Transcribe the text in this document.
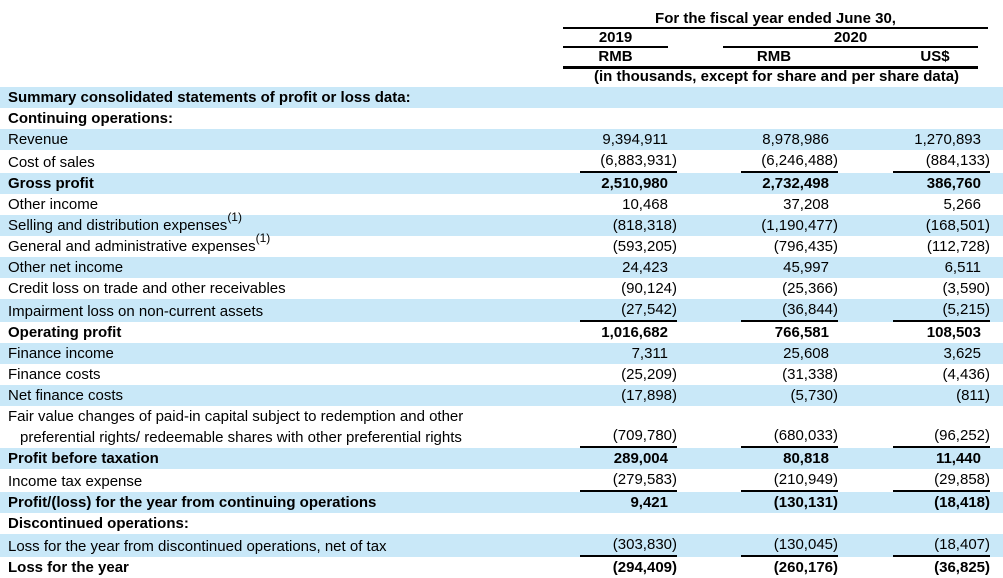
For the fiscal year ended June 30,
2019	2020
RMB	RMB	US$
(in thousands, except for share and per share data)
Summary consolidated statements of profit or loss data:
Continuing operations:
Revenue	9,394,911	8,978,986	1,270,893
Cost of sales	(6,883,931)	(6,246,488)	(884,133)
Gross profit	2,510,980	2,732,498	386,760
Other income	10,468	37,208	5,266
Selling and distribution expenses$^{(1)}$	(818,318)	(1,190,477)	(168,501)
General and administrative expenses$^{(1)}$	(593,205)	(796,435)	(112,728)
Other net income	24,423	45,997	6,511
Credit loss on trade and other receivables	(90,124)	(25,366)	(3,590)
Impairment loss on non-current assets	(27,542)	(36,844)	(5,215)
Operating profit	1,016,682	766,581	108,503
Finance income	7,311	25,608	3,625
Finance costs	(25,209)	(31,338)	(4,436)
Net finance costs	(17,898)	(5,730)	(811)
Fair value changes of paid-in capital subject to redemption and other
preferential rights/ redeemable shares with other preferential rights	(709,780)	(680,033)	(96,252)
Profit before taxation	289,004	80,818	11,440
Income tax expense	(279,583)	(210,949)	(29,858)
Profit/(loss) for the year from continuing operations	9,421	(130,131)	(18,418)
Discontinued operations:
Loss for the year from discontinued operations, net of tax	(303,830)	(130,045)	(18,407)
Loss for the year	(294,409)	(260,176)	(36,825)
